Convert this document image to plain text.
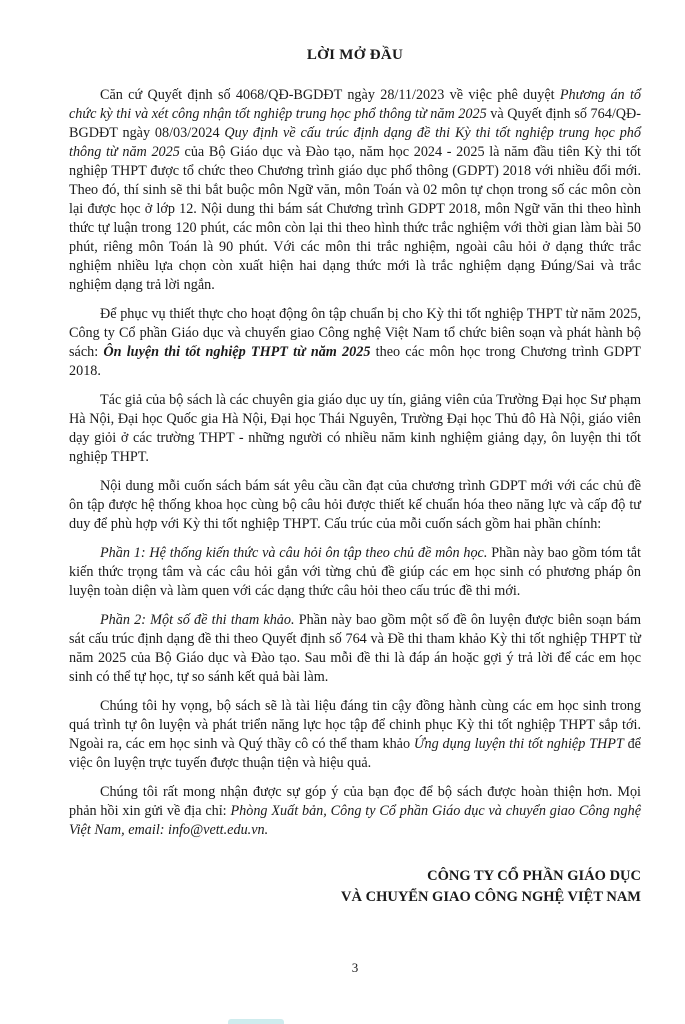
LỜI MỞ ĐẦU

Căn cứ Quyết định số 4068/QĐ-BGDĐT ngày 28/11/2023 về việc phê duyệt Phương án tổ chức kỳ thi và xét công nhận tốt nghiệp trung học phổ thông từ năm 2025 và Quyết định số 764/QĐ-BGDĐT ngày 08/03/2024 Quy định về cấu trúc định dạng đề thi Kỳ thi tốt nghiệp trung học phổ thông từ năm 2025 của Bộ Giáo dục và Đào tạo, năm học 2024 - 2025 là năm đầu tiên Kỳ thi tốt nghiệp THPT được tổ chức theo Chương trình giáo dục phổ thông (GDPT) 2018 với nhiều đổi mới. Theo đó, thí sinh sẽ thi bắt buộc môn Ngữ văn, môn Toán và 02 môn tự chọn trong số các môn còn lại được học ở lớp 12. Nội dung thi bám sát Chương trình GDPT 2018, môn Ngữ văn thi theo hình thức tự luận trong 120 phút, các môn còn lại thi theo hình thức trắc nghiệm với thời gian làm bài 50 phút, riêng môn Toán là 90 phút. Với các môn thi trắc nghiệm, ngoài câu hỏi ở dạng thức trắc nghiệm nhiều lựa chọn còn xuất hiện hai dạng thức mới là trắc nghiệm dạng Đúng/Sai và trắc nghiệm dạng trả lời ngắn.

Để phục vụ thiết thực cho hoạt động ôn tập chuẩn bị cho Kỳ thi tốt nghiệp THPT từ năm 2025, Công ty Cổ phần Giáo dục và chuyển giao Công nghệ Việt Nam tổ chức biên soạn và phát hành bộ sách: Ôn luyện thi tốt nghiệp THPT từ năm 2025 theo các môn học trong Chương trình GDPT 2018.

Tác giả của bộ sách là các chuyên gia giáo dục uy tín, giảng viên của Trường Đại học Sư phạm Hà Nội, Đại học Quốc gia Hà Nội, Đại học Thái Nguyên, Trường Đại học Thủ đô Hà Nội, giáo viên dạy giỏi ở các trường THPT - những người có nhiều năm kinh nghiệm giảng dạy, ôn luyện thi tốt nghiệp THPT.

Nội dung mỗi cuốn sách bám sát yêu cầu cần đạt của chương trình GDPT mới với các chủ đề ôn tập được hệ thống khoa học cùng bộ câu hỏi được thiết kế chuẩn hóa theo năng lực và cấp độ tư duy để phù hợp với Kỳ thi tốt nghiệp THPT. Cấu trúc của mỗi cuốn sách gồm hai phần chính:

Phần 1: Hệ thống kiến thức và câu hỏi ôn tập theo chủ đề môn học. Phần này bao gồm tóm tắt kiến thức trọng tâm và các câu hỏi gắn với từng chủ đề giúp các em học sinh có phương pháp ôn luyện toàn diện và làm quen với các dạng thức câu hỏi theo cấu trúc đề thi mới.

Phần 2: Một số đề thi tham khảo. Phần này bao gồm một số đề ôn luyện được biên soạn bám sát cấu trúc định dạng đề thi theo Quyết định số 764 và Đề thi tham khảo Kỳ thi tốt nghiệp THPT từ năm 2025 của Bộ Giáo dục và Đào tạo. Sau mỗi đề thi là đáp án hoặc gợi ý trả lời để các em học sinh có thể tự học, tự so sánh kết quả bài làm.

Chúng tôi hy vọng, bộ sách sẽ là tài liệu đáng tin cậy đồng hành cùng các em học sinh trong quá trình tự ôn luyện và phát triển năng lực học tập để chinh phục Kỳ thi tốt nghiệp THPT sắp tới. Ngoài ra, các em học sinh và Quý thầy cô có thể tham khảo Ứng dụng luyện thi tốt nghiệp THPT để việc ôn luyện trực tuyến được thuận tiện và hiệu quả.

Chúng tôi rất mong nhận được sự góp ý của bạn đọc để bộ sách được hoàn thiện hơn. Mọi phản hồi xin gửi về địa chỉ: Phòng Xuất bản, Công ty Cổ phần Giáo dục và chuyển giao Công nghệ Việt Nam, email: info@vett.edu.vn.

CÔNG TY CỔ PHẦN GIÁO DỤC
VÀ CHUYỂN GIAO CÔNG NGHỆ VIỆT NAM
3
